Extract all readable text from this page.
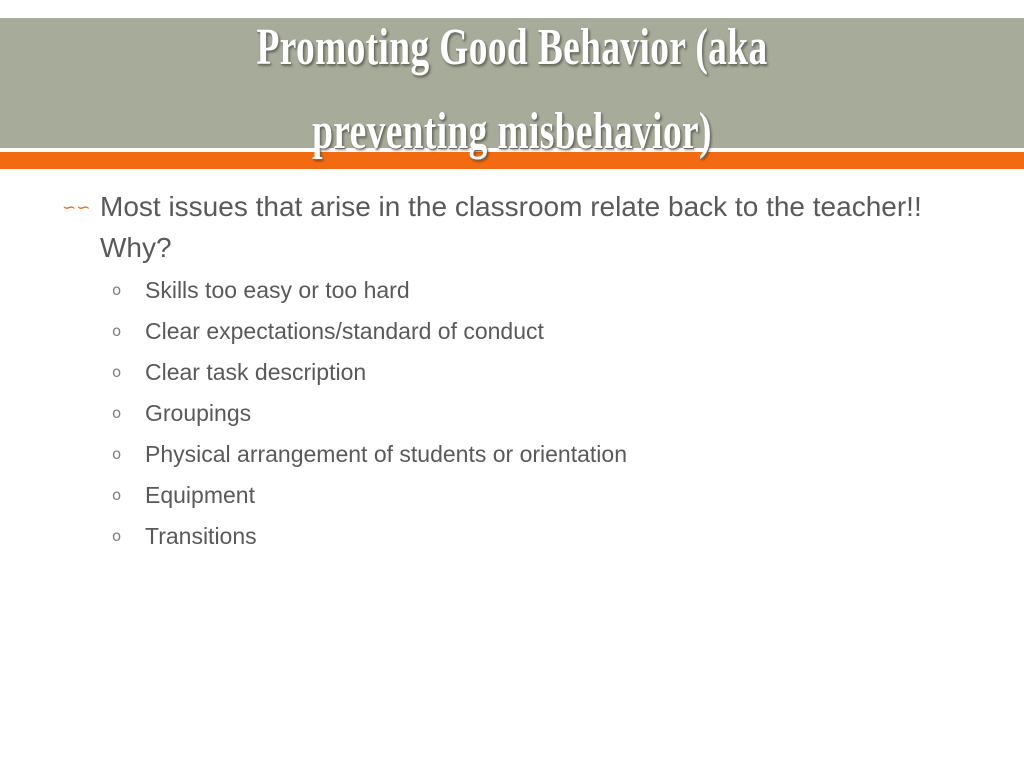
Promoting Good Behavior (aka preventing misbehavior)

∽∽ Most issues that arise in the classroom relate back to the teacher!! Why?

o Skills too easy or too hard
o Clear expectations/standard of conduct
o Clear task description
o Groupings
o Physical arrangement of students or orientation
o Equipment
o Transitions
